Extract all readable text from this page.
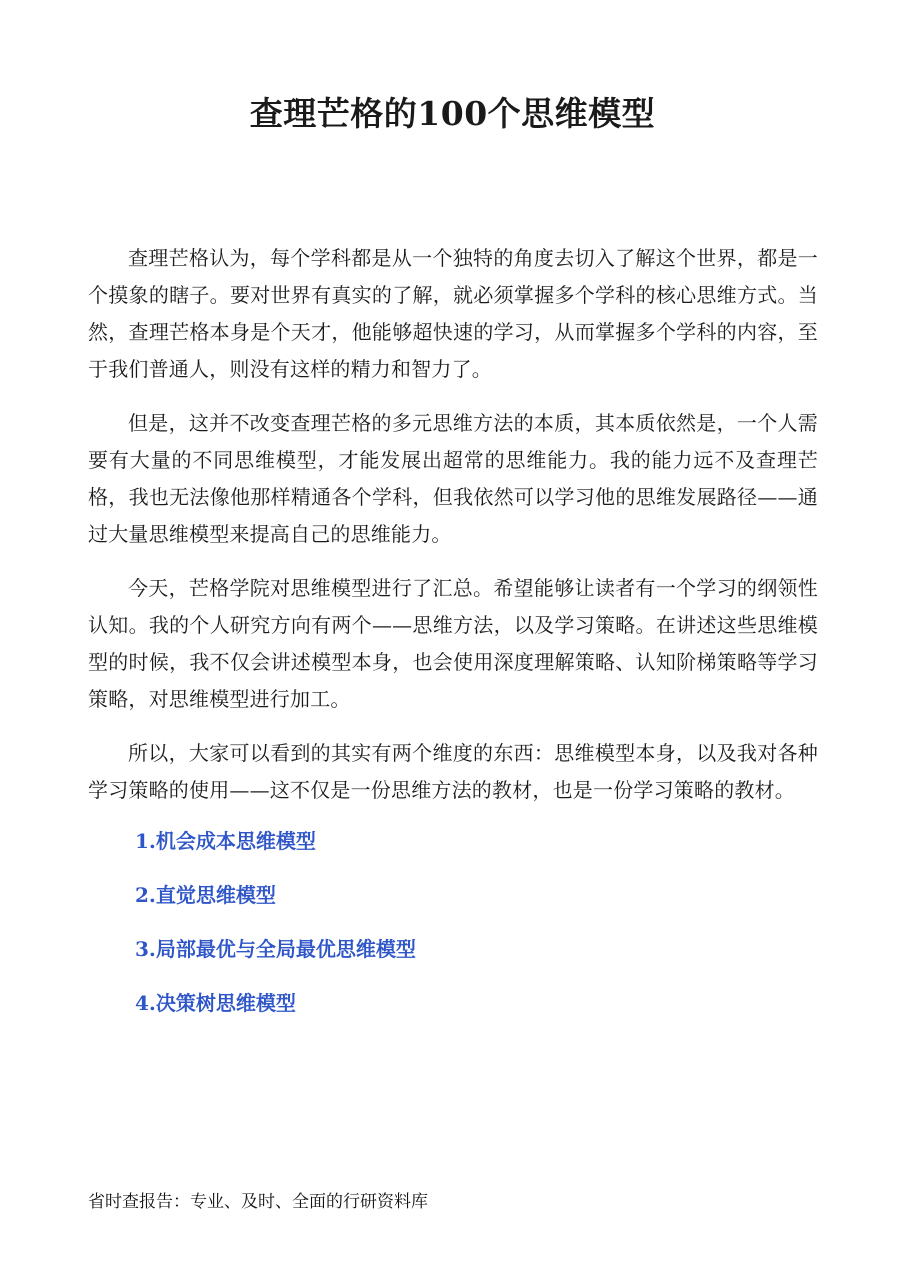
查理芒格的100个思维模型

查理芒格认为，每个学科都是从一个独特的角度去切入了解这个世界，都是一个摸象的瞎子。要对世界有真实的了解，就必须掌握多个学科的核心思维方式。当然，查理芒格本身是个天才，他能够超快速的学习，从而掌握多个学科的内容，至于我们普通人，则没有这样的精力和智力了。

但是，这并不改变查理芒格的多元思维方法的本质，其本质依然是，一个人需要有大量的不同思维模型，才能发展出超常的思维能力。我的能力远不及查理芒格，我也无法像他那样精通各个学科，但我依然可以学习他的思维发展路径——通过大量思维模型来提高自己的思维能力。

今天，芒格学院对思维模型进行了汇总。希望能够让读者有一个学习的纲领性认知。我的个人研究方向有两个——思维方法，以及学习策略。在讲述这些思维模型的时候，我不仅会讲述模型本身，也会使用深度理解策略、认知阶梯策略等学习策略，对思维模型进行加工。

所以，大家可以看到的其实有两个维度的东西：思维模型本身，以及我对各种学习策略的使用——这不仅是一份思维方法的教材，也是一份学习策略的教材。

1.机会成本思维模型
2.直觉思维模型
3.局部最优与全局最优思维模型
4.决策树思维模型
省时查报告：专业、及时、全面的行研资料库
